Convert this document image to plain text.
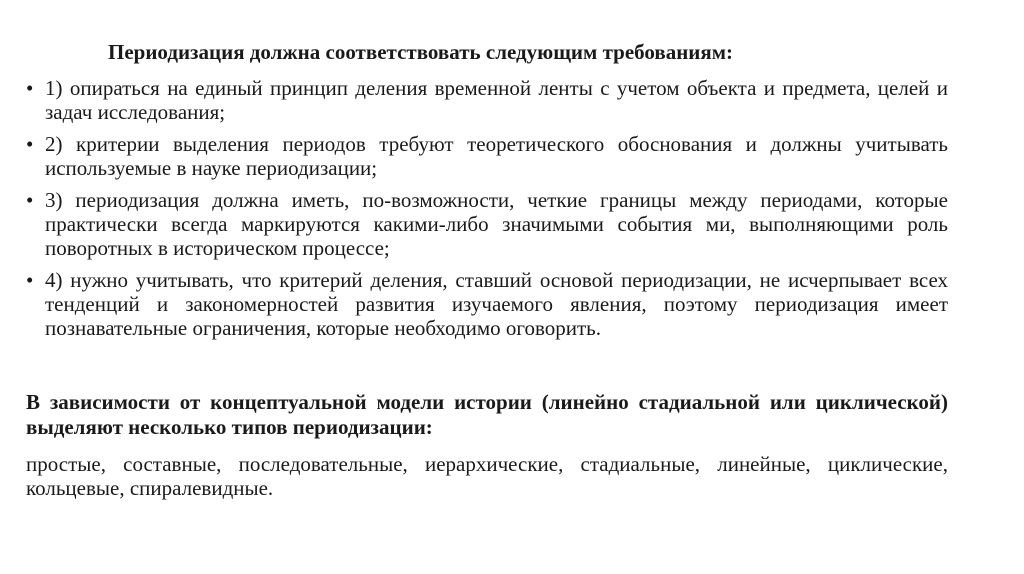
Периодизация должна соответствовать следующим требованиям:
• 1) опираться на единый принцип деления временной ленты с учетом объекта и предмета, целей и задач исследования;
• 2) критерии выделения периодов требуют теоретического обоснования и должны учитывать используемые в науке периодизации;
• 3) периодизация должна иметь, по-возможности, четкие границы между периодами, которые практически всегда маркируются какими-либо значимыми события ми, выполняющими роль поворотных в историческом процессе;
• 4) нужно учитывать, что критерий деления, ставший основой периодизации, не исчерпывает всех тенденций и закономерностей развития изучаемого явления, поэтому периодизация имеет познавательные ограничения, которые необходимо оговорить.
В зависимости от концептуальной модели истории (линейно стадиальной или циклической) выделяют несколько типов периодизации:
простые, составные, последовательные, иерархические, стадиальные, линейные, циклические, кольцевые, спиралевидные.
